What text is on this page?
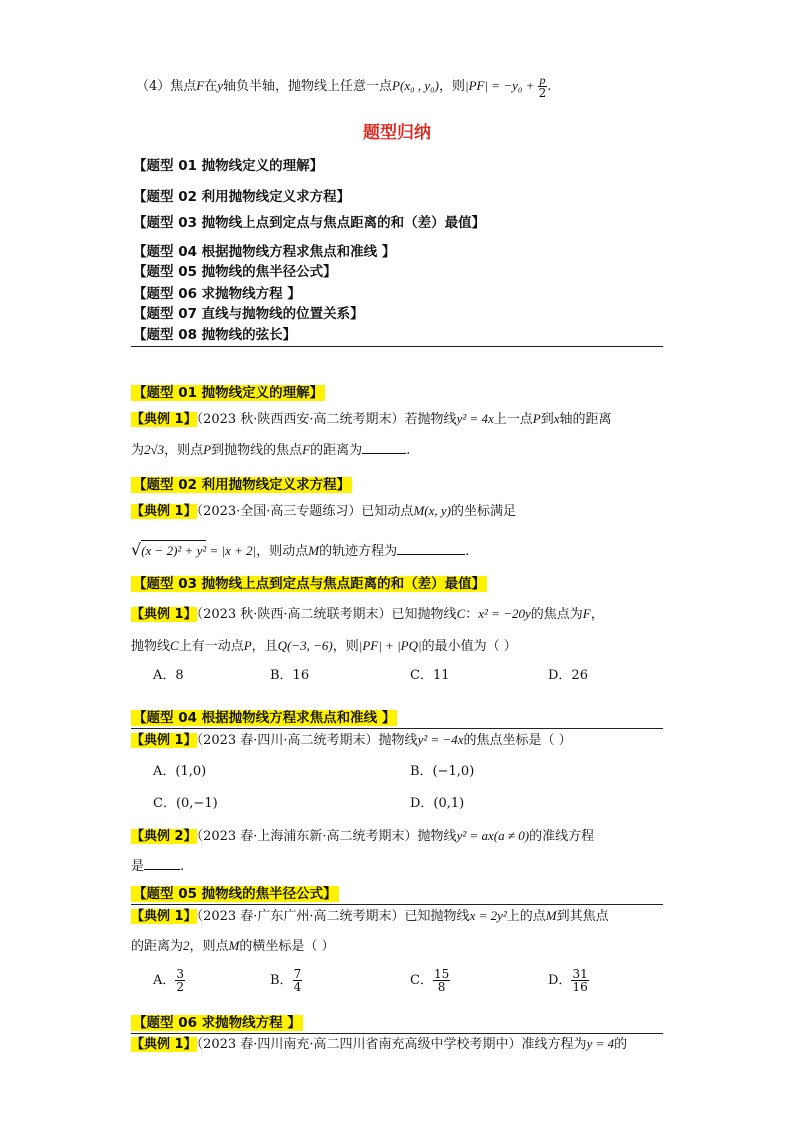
（4）焦点F在y轴负半轴，抛物线上任意一点P(x₀ , y₀)，则$|PF| = -y_0 + \frac{p}{2}$ .
题型归纳
【题型 01 抛物线定义的理解】
【题型 02 利用抛物线定义求方程】
【题型 03 抛物线上点到定点与焦点距离的和（差）最值】
【题型 04 根据抛物线方程求焦点和准线 】
【题型 05 抛物线的焦半径公式】
【题型 06 求抛物线方程 】
【题型 07 直线与抛物线的位置关系】
【题型 08 抛物线的弦长】
【题型 01 抛物线定义的理解】
【典例 1】（2023 秋·陕西西安·高二统考期末）若抛物线y² = 4x上一点P到x轴的距离
为2√3，则点P到抛物线的焦点F的距离为	.
【题型 02 利用抛物线定义求方程】
【典例 1】（2023·全国·高三专题练习）已知动点M(x, y)的坐标满足
√(x − 2)² + y² = |x + 2|，则动点M的轨迹方程为	.
【题型 03 抛物线上点到定点与焦点距离的和（差）最值】
【典例 1】（2023 秋·陕西·高二统联考期末）已知抛物线C：x² = −20y的焦点为F，
抛物线C上有一动点P，且Q(−3, −6)，则|PF| + |PQ|的最小值为（ ）
A．8	B．16	C．11	D．26
【题型 04 根据抛物线方程求焦点和准线 】
【典例 1】（2023 春·四川·高二统考期末）抛物线y² = −4x的焦点坐标是（ ）
A．(1,0)	B．(−1,0)
C．(0,−1)	D．(0,1)
【典例 2】（2023 春·上海浦东新·高二统考期末）抛物线y² = ax(a ≠ 0)的准线方程
是	.
【题型 05 抛物线的焦半径公式】
【典例 1】（2023 春·广东广州·高二统考期末）已知抛物线x = 2y²上的点M到其焦点
的距离为2，则点M的横坐标是（ ）
A． $\frac{3}{2}$	B． $\frac{7}{4}$	C． $\frac{15}{8}$	D． $\frac{31}{16}$
【题型 06 求抛物线方程 】
【典例 1】（2023 春·四川南充·高二四川省南充高级中学校考期中）准线方程为y = 4的
